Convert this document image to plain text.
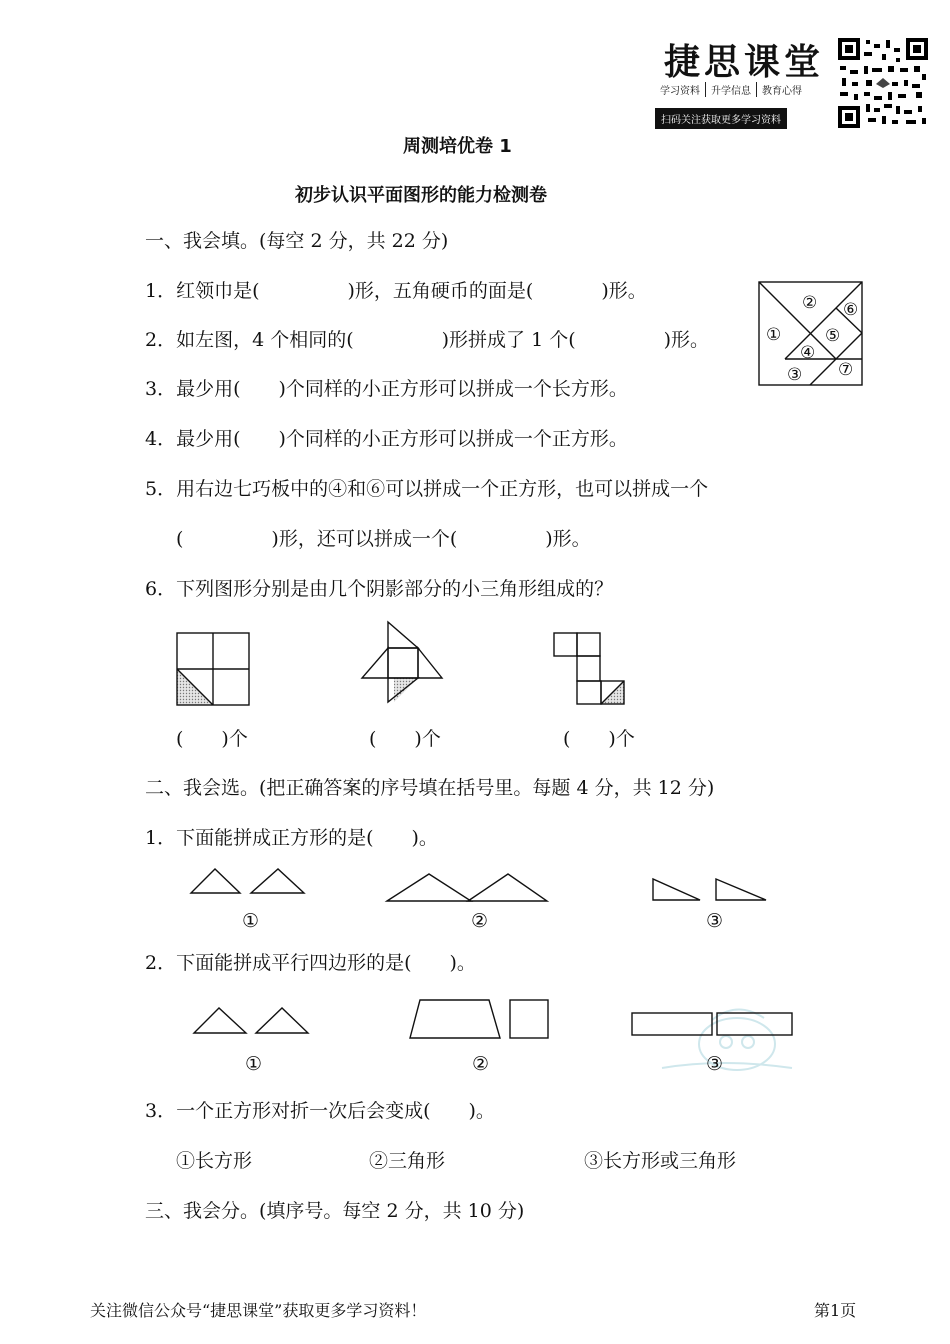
捷思课堂
学习资料	升学信息	教育心得
扫码关注获取更多学习资料
周测培优卷 1
初步认识平面图形的能力检测卷
一、我会填。(每空 2 分，共 22 分)
1．红领巾是(	)形，五角硬币的面是(	)形。
2．如左图，4 个相同的(	)形拼成了 1 个(	)形。	①
②
③
④
⑤
⑥
⑦
3．最少用(　　)个同样的小正方形可以拼成一个长方形。
4．最少用(　　)个同样的小正方形可以拼成一个正方形。
5．用右边七巧板中的④和⑥可以拼成一个正方形，也可以拼成一个
(	)形，还可以拼成一个(	)形。
6．下列图形分别是由几个阴影部分的小三角形组成的？
(　　)个	(　　)个	(　　)个
二、我会选。(把正确答案的序号填在括号里。每题 4 分，共 12 分)
1．下面能拼成正方形的是(　　)。
①	②	③
2．下面能拼成平行四边形的是(　　)。
①	②	③
3．一个正方形对折一次后会变成(　　)。
①长方形	②三角形	③长方形或三角形
三、我会分。(填序号。每空 2 分，共 10 分)
关注微信公众号“捷思课堂”获取更多学习资料！	第1页
